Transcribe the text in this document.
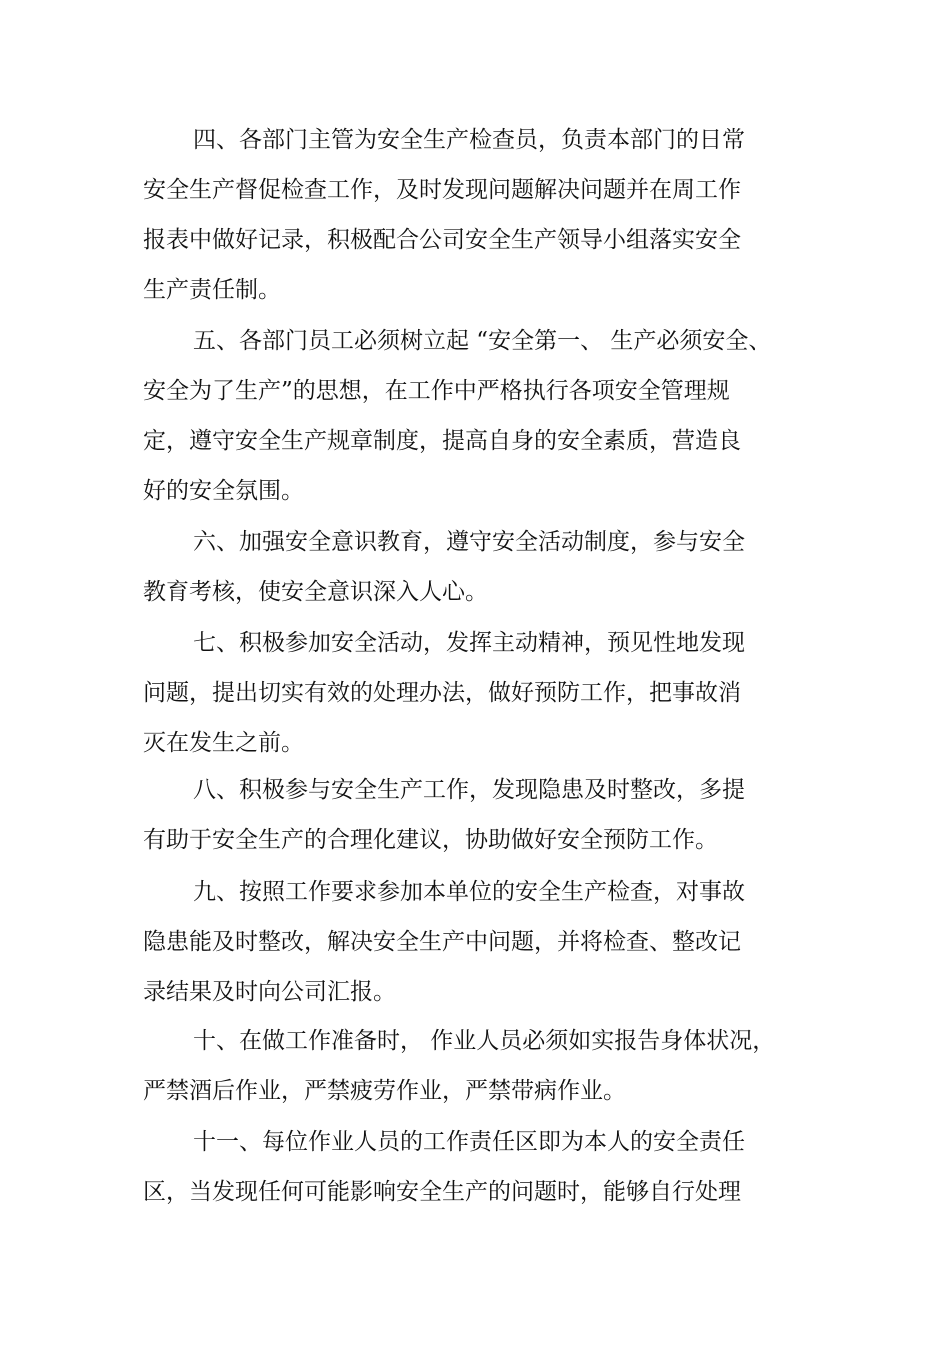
四、各部门主管为安全生产检查员，负责本部门的日常
安全生产督促检查工作，及时发现问题解决问题并在周工作
报表中做好记录，积极配合公司安全生产领导小组落实安全
生产责任制。
五、各部门员工必须树立起 “安全第一、 生产必须安全、
安全为了生产”的思想，在工作中严格执行各项安全管理规
定，遵守安全生产规章制度，提高自身的安全素质，营造良
好的安全氛围。
六、加强安全意识教育，遵守安全活动制度，参与安全
教育考核，使安全意识深入人心。
七、积极参加安全活动，发挥主动精神，预见性地发现
问题，提出切实有效的处理办法，做好预防工作，把事故消
灭在发生之前。
八、积极参与安全生产工作，发现隐患及时整改，多提
有助于安全生产的合理化建议，协助做好安全预防工作。
九、按照工作要求参加本单位的安全生产检查，对事故
隐患能及时整改，解决安全生产中问题，并将检查、整改记
录结果及时向公司汇报。
十、在做工作准备时， 作业人员必须如实报告身体状况，
严禁酒后作业，严禁疲劳作业，严禁带病作业。
十一、每位作业人员的工作责任区即为本人的安全责任
区，当发现任何可能影响安全生产的问题时，能够自行处理
